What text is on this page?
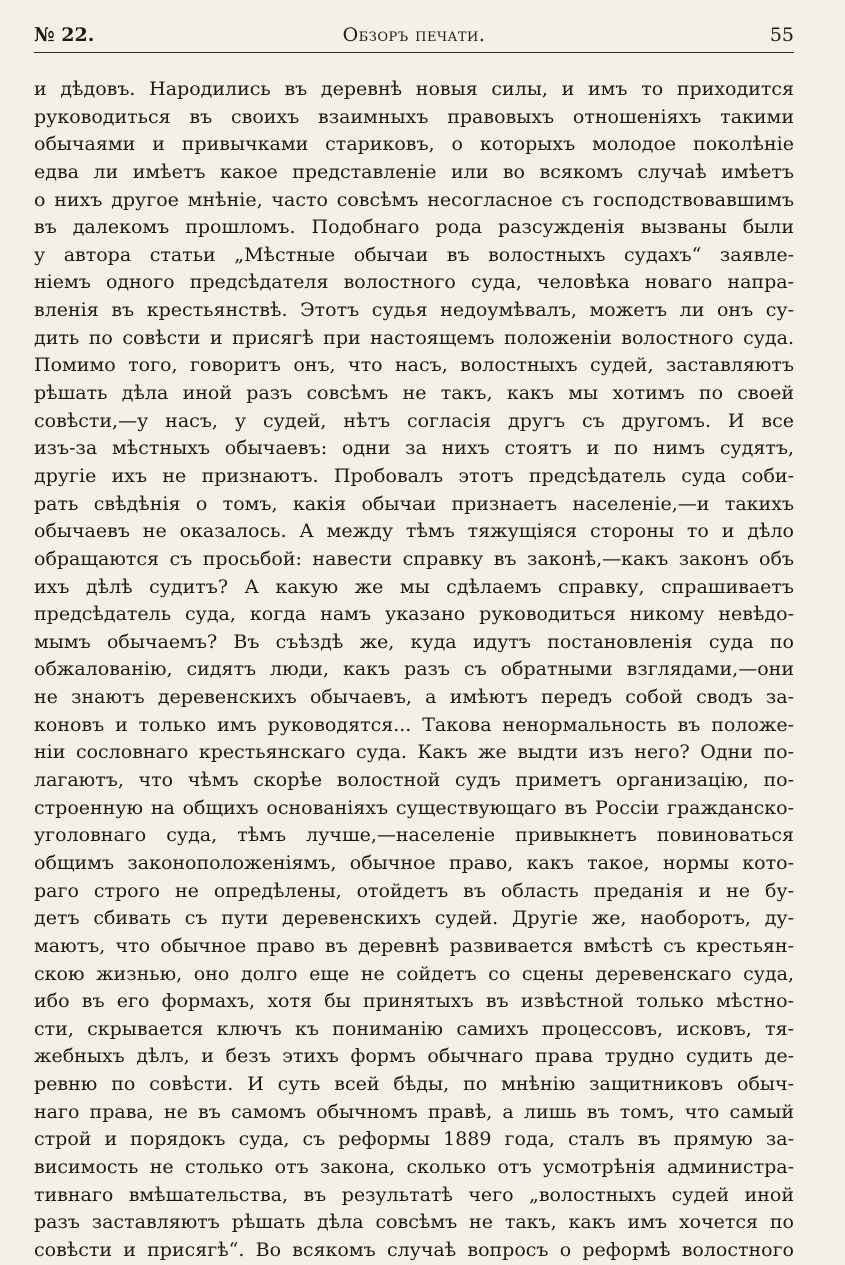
Обзоръ печати.
№ 22.	55
и дѣдовъ. Народились въ деревнѣ новыя силы, и имъ то приходится
руководиться въ своихъ взаимныхъ правовыхъ отношеніяхъ такими
обычаями и привычками стариковъ, о которыхъ молодое поколѣніе
едва ли имѣетъ какое представленіе или во всякомъ случаѣ имѣетъ
о нихъ другое мнѣніе, часто совсѣмъ несогласное съ господствовавшимъ
въ далекомъ прошломъ. Подобнаго рода разсужденія вызваны были
у автора статьи „Мѣстные обычаи въ волостныхъ судахъ“ заявле-
ніемъ одного предсѣдателя волостного суда, человѣка новаго напра-
вленія въ крестьянствѣ. Этотъ судья недоумѣвалъ, можетъ ли онъ су-
дить по совѣсти и присягѣ при настоящемъ положеніи волостного суда.
Помимо того, говоритъ онъ, что насъ, волостныхъ судей, заставляютъ
рѣшать дѣла иной разъ совсѣмъ не такъ, какъ мы хотимъ по своей
совѣсти,—у насъ, у судей, нѣтъ согласія другъ съ другомъ. И все
изъ-за мѣстныхъ обычаевъ: одни за нихъ стоятъ и по нимъ судятъ,
другіе ихъ не признаютъ. Пробовалъ этотъ предсѣдатель суда соби-
рать свѣдѣнія о томъ, какія обычаи признаетъ населеніе,—и такихъ
обычаевъ не оказалось. А между тѣмъ тяжущіяся стороны то и дѣло
обращаются съ просьбой: навести справку въ законѣ,—какъ законъ объ
ихъ дѣлѣ судитъ? А какую же мы сдѣлаемъ справку, спрашиваетъ
предсѣдатель суда, когда намъ указано руководиться никому невѣдо-
мымъ обычаемъ? Въ съѣздѣ же, куда идутъ постановленія суда по
обжалованію, сидятъ люди, какъ разъ съ обратными взглядами,—они
не знаютъ деревенскихъ обычаевъ, а имѣютъ передъ собой сводъ за-
коновъ и только имъ руководятся... Такова ненормальность въ положе-
ніи сословнаго крестьянскаго суда. Какъ же выдти изъ него? Одни по-
лагаютъ, что чѣмъ скорѣе волостной судъ приметъ организацію, по-
строенную на общихъ основаніяхъ существующаго въ Россіи гражданско-
уголовнаго суда, тѣмъ лучше,—населеніе привыкнетъ повиноваться
общимъ законоположеніямъ, обычное право, какъ такое, нормы кото-
раго строго не опредѣлены, отойдетъ въ область преданія и не бу-
детъ сбивать съ пути деревенскихъ судей. Другіе же, наоборотъ, ду-
маютъ, что обычное право въ деревнѣ развивается вмѣстѣ съ крестьян-
скою жизнью, оно долго еще не сойдетъ со сцены деревенскаго суда,
ибо въ его формахъ, хотя бы принятыхъ въ извѣстной только мѣстно-
сти, скрывается ключъ къ пониманію самихъ процессовъ, исковъ, тя-
жебныхъ дѣлъ, и безъ этихъ формъ обычнаго права трудно судить де-
ревню по совѣсти. И суть всей бѣды, по мнѣнію защитниковъ обыч-
наго права, не въ самомъ обычномъ правѣ, а лишь въ томъ, что самый
строй и порядокъ суда, съ реформы 1889 года, сталъ въ прямую за-
висимость не столько отъ закона, сколько отъ усмотрѣнія администра-
тивнаго вмѣшательства, въ результатѣ чего „волостныхъ судей иной
разъ заставляютъ рѣшать дѣла совсѣмъ не такъ, какъ имъ хочется по
совѣсти и присягѣ“. Во всякомъ случаѣ вопросъ о реформѣ волостного
